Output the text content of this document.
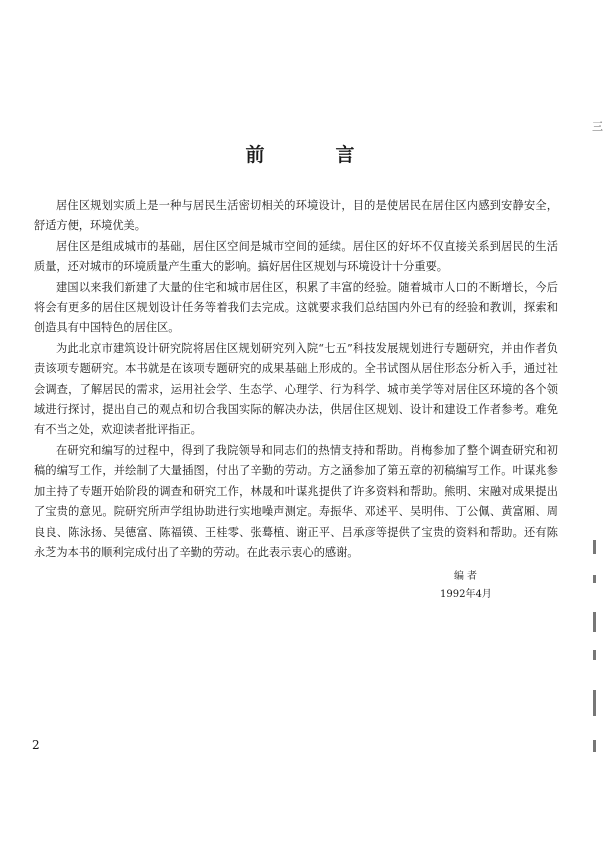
三
前　言

居住区规划实质上是一种与居民生活密切相关的环境设计，目的是使居民在居住区内感到安静安全，舒适方便，环境优美。

居住区是组成城市的基础，居住区空间是城市空间的延续。居住区的好坏不仅直接关系到居民的生活质量，还对城市的环境质量产生重大的影响。搞好居住区规划与环境设计十分重要。

建国以来我们新建了大量的住宅和城市居住区，积累了丰富的经验。随着城市人口的不断增长，今后将会有更多的居住区规划设计任务等着我们去完成。这就要求我们总结国内外已有的经验和教训，探索和创造具有中国特色的居住区。

为此北京市建筑设计研究院将居住区规划研究列入院“七五”科技发展规划进行专题研究，并由作者负责该项专题研究。本书就是在该项专题研究的成果基础上形成的。全书试图从居住形态分析入手，通过社会调查，了解居民的需求，运用社会学、生态学、心理学、行为科学、城市美学等对居住区环境的各个领域进行探讨，提出自己的观点和切合我国实际的解决办法，供居住区规划、设计和建设工作者参考。难免有不当之处，欢迎读者批评指正。

在研究和编写的过程中，得到了我院领导和同志们的热情支持和帮助。肖梅参加了整个调查研究和初稿的编写工作，并绘制了大量插图，付出了辛勤的劳动。方之涵参加了第五章的初稿编写工作。叶谋兆参加主持了专题开始阶段的调查和研究工作，林晟和叶谋兆提供了许多资料和帮助。熊明、宋融对成果提出了宝贵的意见。院研究所声学组协助进行实地噪声测定。寿振华、邓述平、吴明伟、丁公佩、黄富厢、周良良、陈泳扬、吴德富、陈福镆、王桂零、张蓦植、谢正平、吕承彦等提供了宝贵的资料和帮助。还有陈永芝为本书的顺利完成付出了辛勤的劳动。在此表示衷心的感谢。

编者
1992年4月
2
